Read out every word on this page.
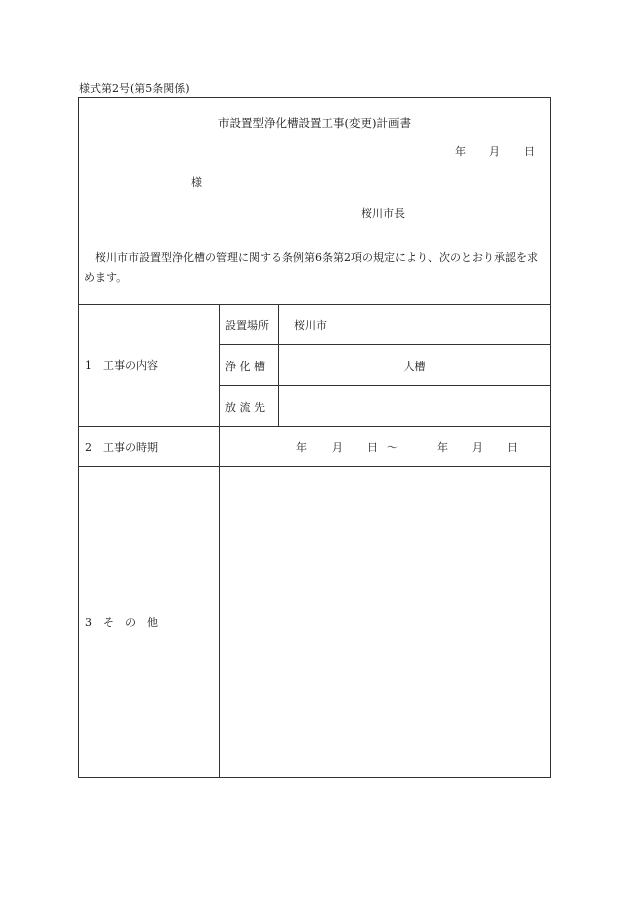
様式第2号(第5条関係)
市設置型浄化槽設置工事(変更)計画書
年 月 日
様
桜川市長
桜川市市設置型浄化槽の管理に関する条例第6条第2項の規定により、次のとおり承認を求めます。
1　工事の内容
設置場所 桜川市
浄 化 槽	人槽
放 流 先
2　工事の時期	年 月 日 ～	年 月 日
3　そ　の　他
